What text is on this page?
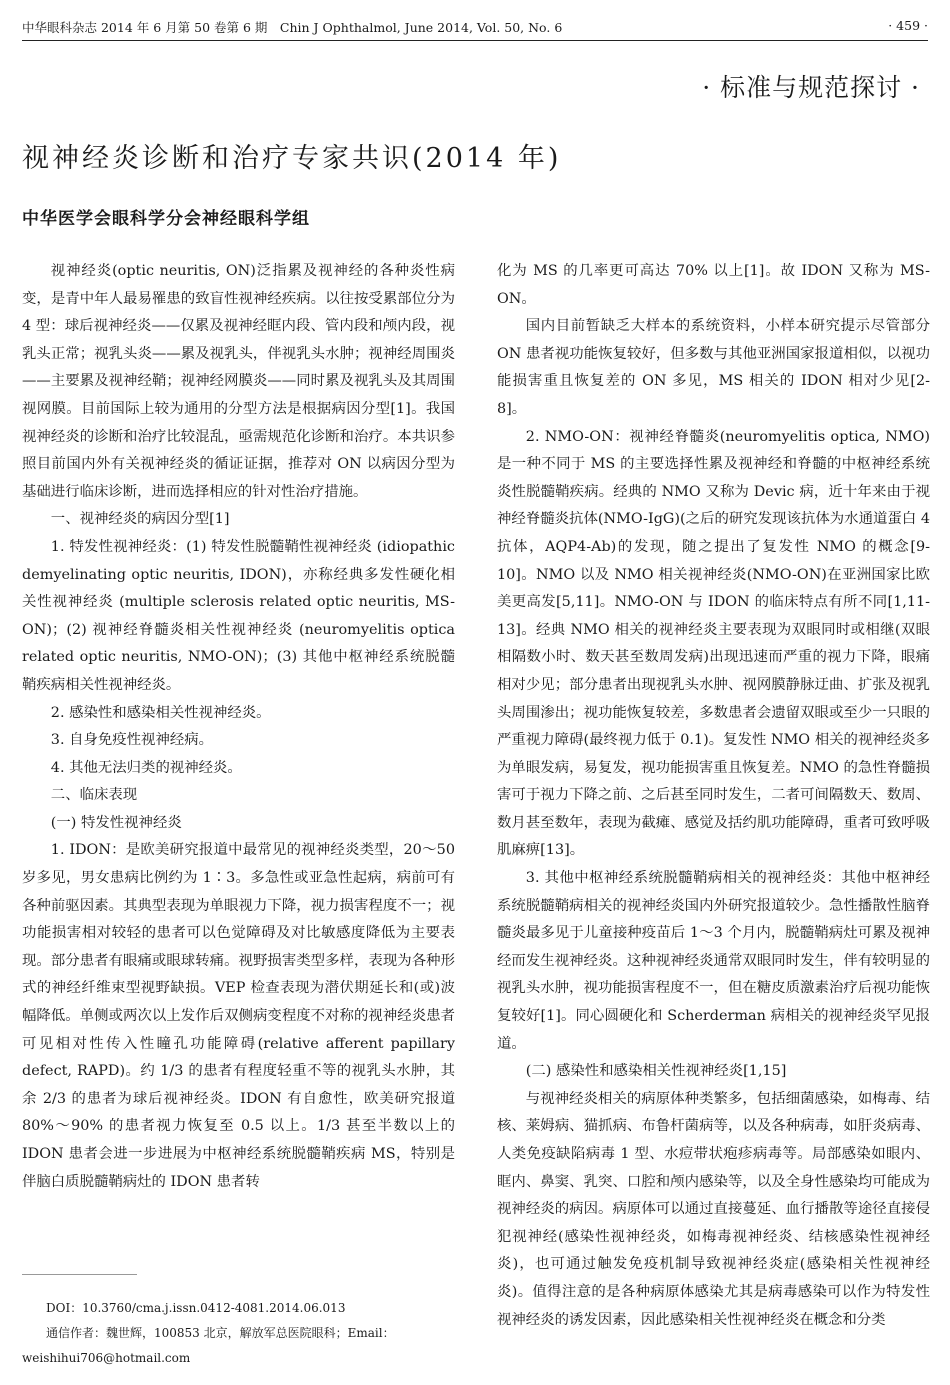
中华眼科杂志 2014 年 6 月第 50 卷第 6 期　Chin J Ophthalmol, June 2014, Vol. 50, No. 6	· 459 ·
· 标准与规范探讨 ·
视神经炎诊断和治疗专家共识(2014 年)
中华医学会眼科学分会神经眼科学组

视神经炎(optic neuritis, ON)泛指累及视神经的各种炎性病变，是青中年人最易罹患的致盲性视神经疾病。以往按受累部位分为 4 型：球后视神经炎——仅累及视神经眶内段、管内段和颅内段，视乳头正常；视乳头炎——累及视乳头，伴视乳头水肿；视神经周围炎——主要累及视神经鞘；视神经网膜炎——同时累及视乳头及其周围视网膜。目前国际上较为通用的分型方法是根据病因分型[1]。我国视神经炎的诊断和治疗比较混乱，亟需规范化诊断和治疗。本共识参照目前国内外有关视神经炎的循证证据，推荐对 ON 以病因分型为基础进行临床诊断，进而选择相应的针对性治疗措施。

一、视神经炎的病因分型[1]

1. 特发性视神经炎：(1) 特发性脱髓鞘性视神经炎 (idiopathic demyelinating optic neuritis, IDON)，亦称经典多发性硬化相关性视神经炎 (multiple sclerosis related optic neuritis, MS-ON)；(2) 视神经脊髓炎相关性视神经炎 (neuromyelitis optica related optic neuritis, NMO-ON)；(3) 其他中枢神经系统脱髓鞘疾病相关性视神经炎。

2. 感染性和感染相关性视神经炎。

3. 自身免疫性视神经病。

4. 其他无法归类的视神经炎。

二、临床表现

(一) 特发性视神经炎

1. IDON：是欧美研究报道中最常见的视神经炎类型，20～50 岁多见，男女患病比例约为 1∶3。多急性或亚急性起病，病前可有各种前驱因素。其典型表现为单眼视力下降，视力损害程度不一；视功能损害相对较轻的患者可以色觉障碍及对比敏感度降低为主要表现。部分患者有眼痛或眼球转痛。视野损害类型多样，表现为各种形式的神经纤维束型视野缺损。VEP 检查表现为潜伏期延长和(或)波幅降低。单侧或两次以上发作后双侧病变程度不对称的视神经炎患者可见相对性传入性瞳孔功能障碍(relative afferent papillary defect, RAPD)。约 1/3 的患者有程度轻重不等的视乳头水肿，其余 2/3 的患者为球后视神经炎。IDON 有自愈性，欧美研究报道 80%～90% 的患者视力恢复至 0.5 以上。1/3 甚至半数以上的 IDON 患者会进一步进展为中枢神经系统脱髓鞘疾病 MS，特别是伴脑白质脱髓鞘病灶的 IDON 患者转

化为 MS 的几率更可高达 70% 以上[1]。故 IDON 又称为 MS-ON。

国内目前暂缺乏大样本的系统资料，小样本研究提示尽管部分 ON 患者视功能恢复较好，但多数与其他亚洲国家报道相似，以视功能损害重且恢复差的 ON 多见，MS 相关的 IDON 相对少见[2-8]。

2. NMO-ON：视神经脊髓炎(neuromyelitis optica, NMO)是一种不同于 MS 的主要选择性累及视神经和脊髓的中枢神经系统炎性脱髓鞘疾病。经典的 NMO 又称为 Devic 病，近十年来由于视神经脊髓炎抗体(NMO-IgG)(之后的研究发现该抗体为水通道蛋白 4 抗体，AQP4-Ab)的发现，随之提出了复发性 NMO 的概念[9-10]。NMO 以及 NMO 相关视神经炎(NMO-ON)在亚洲国家比欧美更高发[5,11]。NMO-ON 与 IDON 的临床特点有所不同[1,11-13]。经典 NMO 相关的视神经炎主要表现为双眼同时或相继(双眼相隔数小时、数天甚至数周发病)出现迅速而严重的视力下降，眼痛相对少见；部分患者出现视乳头水肿、视网膜静脉迂曲、扩张及视乳头周围渗出；视功能恢复较差，多数患者会遗留双眼或至少一只眼的严重视力障碍(最终视力低于 0.1)。复发性 NMO 相关的视神经炎多为单眼发病，易复发，视功能损害重且恢复差。NMO 的急性脊髓损害可于视力下降之前、之后甚至同时发生，二者可间隔数天、数周、数月甚至数年，表现为截瘫、感觉及括约肌功能障碍，重者可致呼吸肌麻痹[13]。

3. 其他中枢神经系统脱髓鞘病相关的视神经炎：其他中枢神经系统脱髓鞘病相关的视神经炎国内外研究报道较少。急性播散性脑脊髓炎最多见于儿童接种疫苗后 1～3 个月内，脱髓鞘病灶可累及视神经而发生视神经炎。这种视神经炎通常双眼同时发生，伴有较明显的视乳头水肿，视功能损害程度不一，但在糖皮质激素治疗后视功能恢复较好[1]。同心圆硬化和 Scherderman 病相关的视神经炎罕见报道。

(二) 感染性和感染相关性视神经炎[1,15]

与视神经炎相关的病原体种类繁多，包括细菌感染，如梅毒、结核、莱姆病、猫抓病、布鲁杆菌病等，以及各种病毒，如肝炎病毒、人类免疫缺陷病毒 1 型、水痘带状疱疹病毒等。局部感染如眼内、眶内、鼻窦、乳突、口腔和颅内感染等，以及全身性感染均可能成为视神经炎的病因。病原体可以通过直接蔓延、血行播散等途径直接侵犯视神经(感染性视神经炎，如梅毒视神经炎、结核感染性视神经炎)，也可通过触发免疫机制导致视神经炎症(感染相关性视神经炎)。值得注意的是各种病原体感染尤其是病毒感染可以作为特发性视神经炎的诱发因素，因此感染相关性视神经炎在概念和分类

DOI：10.3760/cma.j.issn.0412-4081.2014.06.013

通信作者：魏世辉，100853 北京，解放军总医院眼科；Email：

weishihui706@hotmail.com
